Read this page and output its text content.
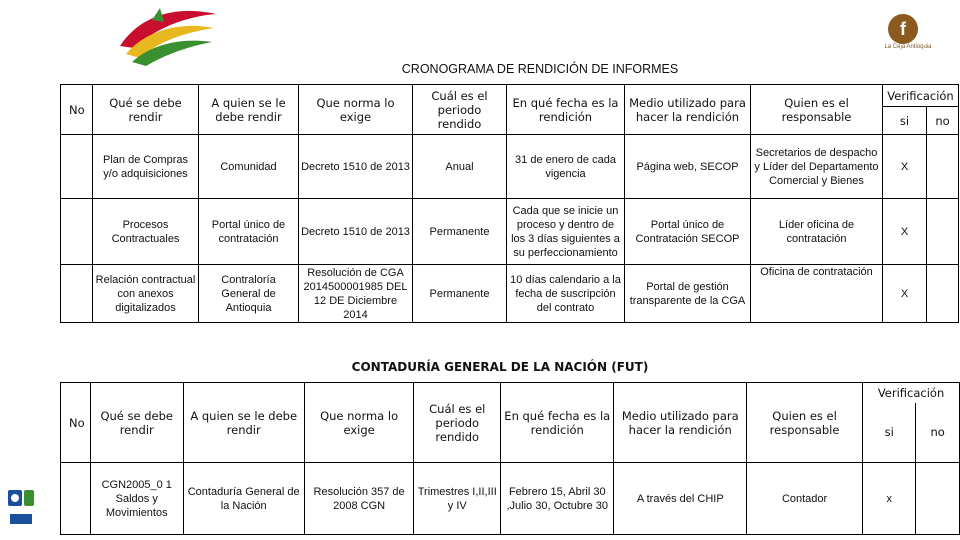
f
La Ceja Antioquia
CRONOGRAMA DE RENDICIÓN DE INFORMES
No	Qué se debe rendir	A quien se le debe rendir	Que norma lo exige	Cuál es el periodo rendido	En qué fecha es la rendición	Medio utilizado para hacer la rendición	Quien es el responsable	Verificación	
								si	no
	Plan de Compras y/o adquisiciones	Comunidad	Decreto 1510 de 2013	Anual	31 de enero de cada vigencia	Página web, SECOP	Secretarios de despacho y Líder del Departamento Comercial y Bienes	X	
	Procesos Contractuales	Portal único de contratación	Decreto 1510 de 2013	Permanente	Cada que se inicie un proceso y dentro de los 3 días siguientes a su perfeccionamiento	Portal único de Contratación SECOP	Líder oficina de contratación	X	
	Relación contractual con anexos digitalizados	Contraloría General de Antioquia	Resolución de CGA 2014500001985 DEL 12 DE Diciembre 2014	Permanente	10 días calendario a la fecha de suscripción del contrato	Portal de gestión transparente de la CGA	Oficina de contratación	X	
CONTADURÍA GENERAL DE LA NACIÓN (FUT)
No	Qué se debe rendir	A quien se le debe rendir	Que norma lo exige	Cuál es el periodo rendido	En qué fecha es la rendición	Medio utilizado para hacer la rendición	Quien es el responsable	Verificación	
								si	no
	CGN2005_0 1 Saldos y Movimientos	Contaduría General de la Nación	Resolución 357 de 2008 CGN	Trimestres I,II,III y IV	Febrero 15, Abril 30 ,Julio 30, Octubre 30	A través del CHIP	Contador	x	
